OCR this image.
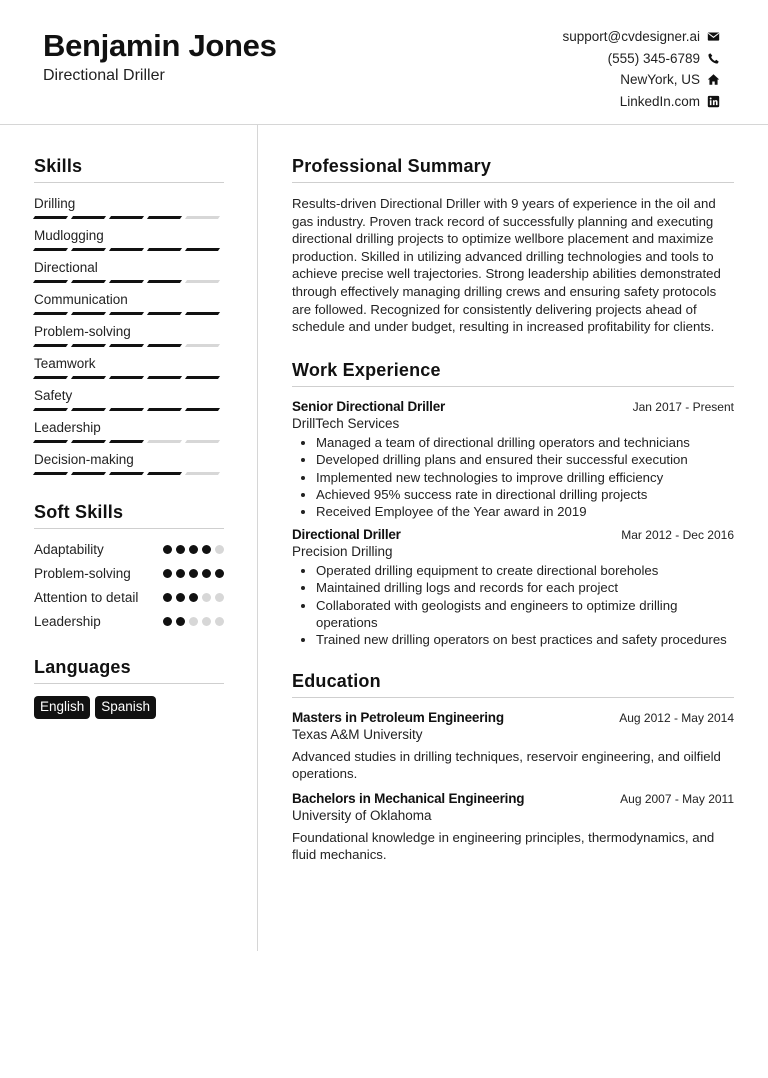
Benjamin Jones
Directional Driller
support@cvdesigner.ai
(555) 345-6789
NewYork, US
LinkedIn.com
Skills
Drilling
Mudlogging
Directional
Communication
Problem-solving
Teamwork
Safety
Leadership
Decision-making
Soft Skills
Adaptability
Problem-solving
Attention to detail
Leadership
Languages
English	Spanish
Professional Summary

Results-driven Directional Driller with 9 years of experience in the oil and gas industry. Proven track record of successfully planning and executing directional drilling projects to optimize wellbore placement and maximize production. Skilled in utilizing advanced drilling technologies and tools to achieve precise well trajectories. Strong leadership abilities demonstrated through effectively managing drilling crews and ensuring safety protocols are followed. Recognized for consistently delivering projects ahead of schedule and under budget, resulting in increased profitability for clients.

Work Experience
Senior Directional Driller	Jan 2017 - Present
DrillTech Services
• Managed a team of directional drilling operators and technicians
• Developed drilling plans and ensured their successful execution
• Implemented new technologies to improve drilling efficiency
• Achieved 95% success rate in directional drilling projects
• Received Employee of the Year award in 2019
Directional Driller	Mar 2012 - Dec 2016
Precision Drilling
• Operated drilling equipment to create directional boreholes
• Maintained drilling logs and records for each project
• Collaborated with geologists and engineers to optimize drilling operations
• Trained new drilling operators on best practices and safety procedures
Education
Masters in Petroleum Engineering	Aug 2012 - May 2014
Texas A&M University
Advanced studies in drilling techniques, reservoir engineering, and oilfield operations.
Bachelors in Mechanical Engineering	Aug 2007 - May 2011
University of Oklahoma
Foundational knowledge in engineering principles, thermodynamics, and fluid mechanics.
